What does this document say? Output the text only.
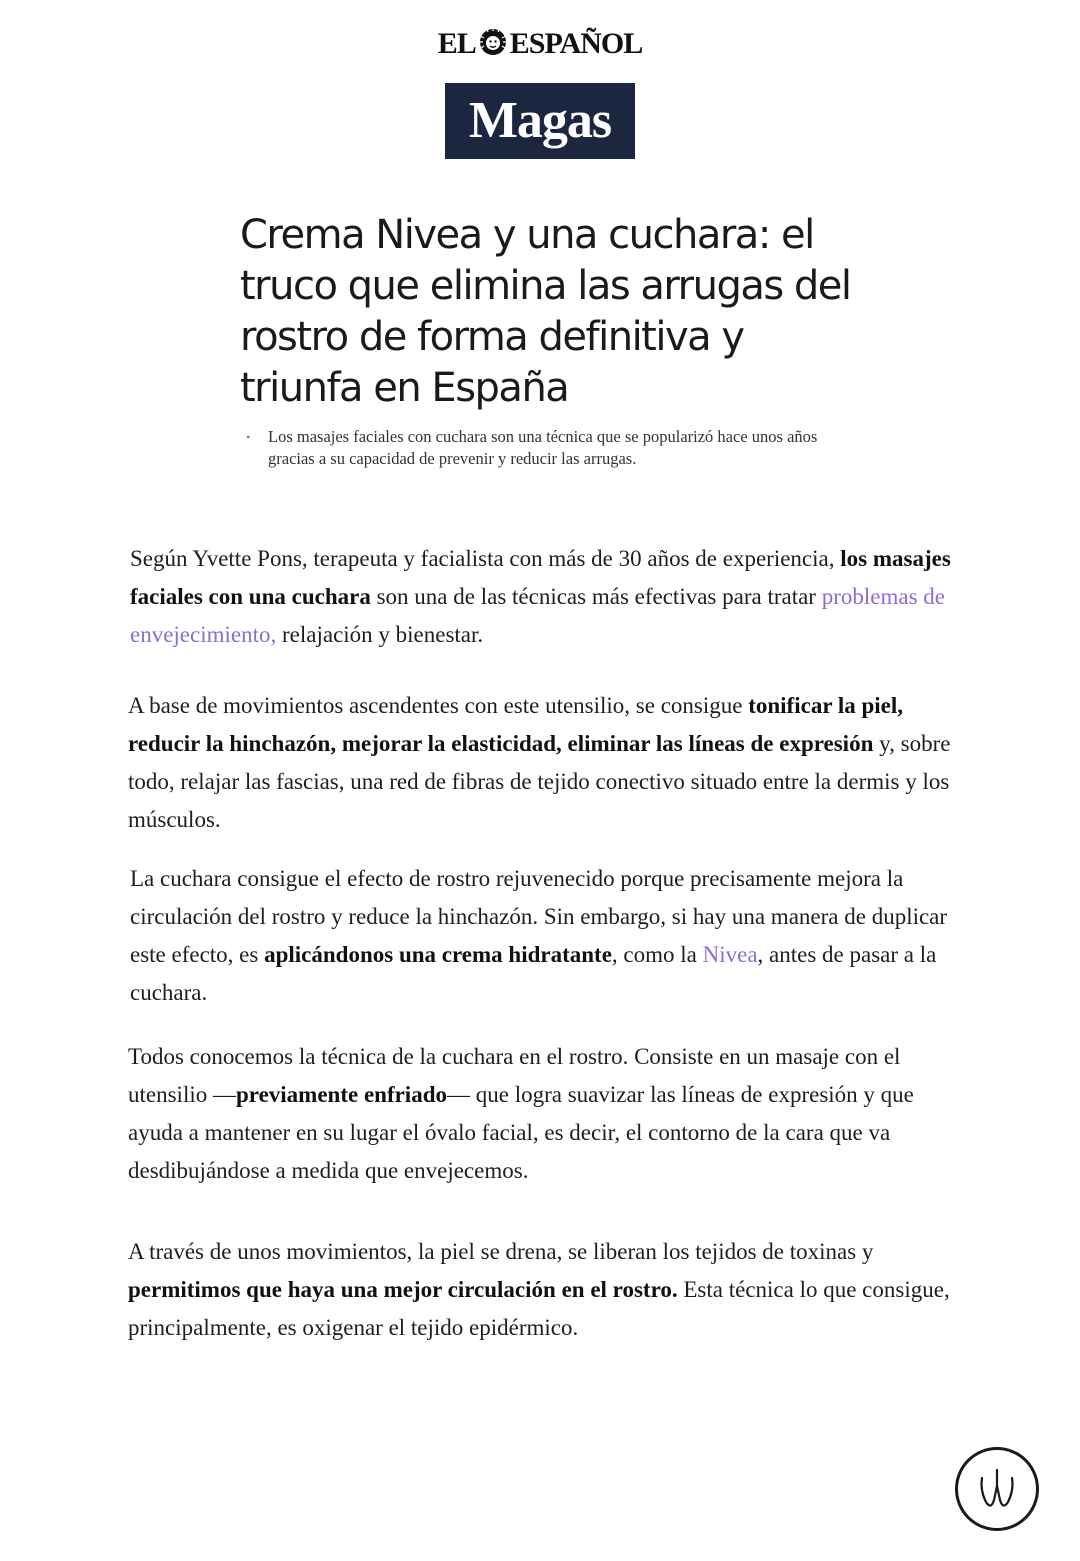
EL ESPAÑOL
Magas
Crema Nivea y una cuchara: el truco que elimina las arrugas del rostro de forma definitiva y triunfa en España
• Los masajes faciales con cuchara son una técnica que se popularizó hace unos años gracias a su capacidad de prevenir y reducir las arrugas.

Según Yvette Pons, terapeuta y facialista con más de 30 años de experiencia, los masajes faciales con una cuchara son una de las técnicas más efectivas para tratar problemas de envejecimiento, relajación y bienestar.

A base de movimientos ascendentes con este utensilio, se consigue tonificar la piel, reducir la hinchazón, mejorar la elasticidad, eliminar las líneas de expresión y, sobre todo, relajar las fascias, una red de fibras de tejido conectivo situado entre la dermis y los músculos.

La cuchara consigue el efecto de rostro rejuvenecido porque precisamente mejora la circulación del rostro y reduce la hinchazón. Sin embargo, si hay una manera de duplicar este efecto, es aplicándonos una crema hidratante, como la Nivea, antes de pasar a la cuchara.

Todos conocemos la técnica de la cuchara en el rostro. Consiste en un masaje con el utensilio —previamente enfriado— que logra suavizar las líneas de expresión y que ayuda a mantener en su lugar el óvalo facial, es decir, el contorno de la cara que va desdibujándose a medida que envejecemos.

A través de unos movimientos, la piel se drena, se liberan los tejidos de toxinas y permitimos que haya una mejor circulación en el rostro. Esta técnica lo que consigue, principalmente, es oxigenar el tejido epidérmico.
